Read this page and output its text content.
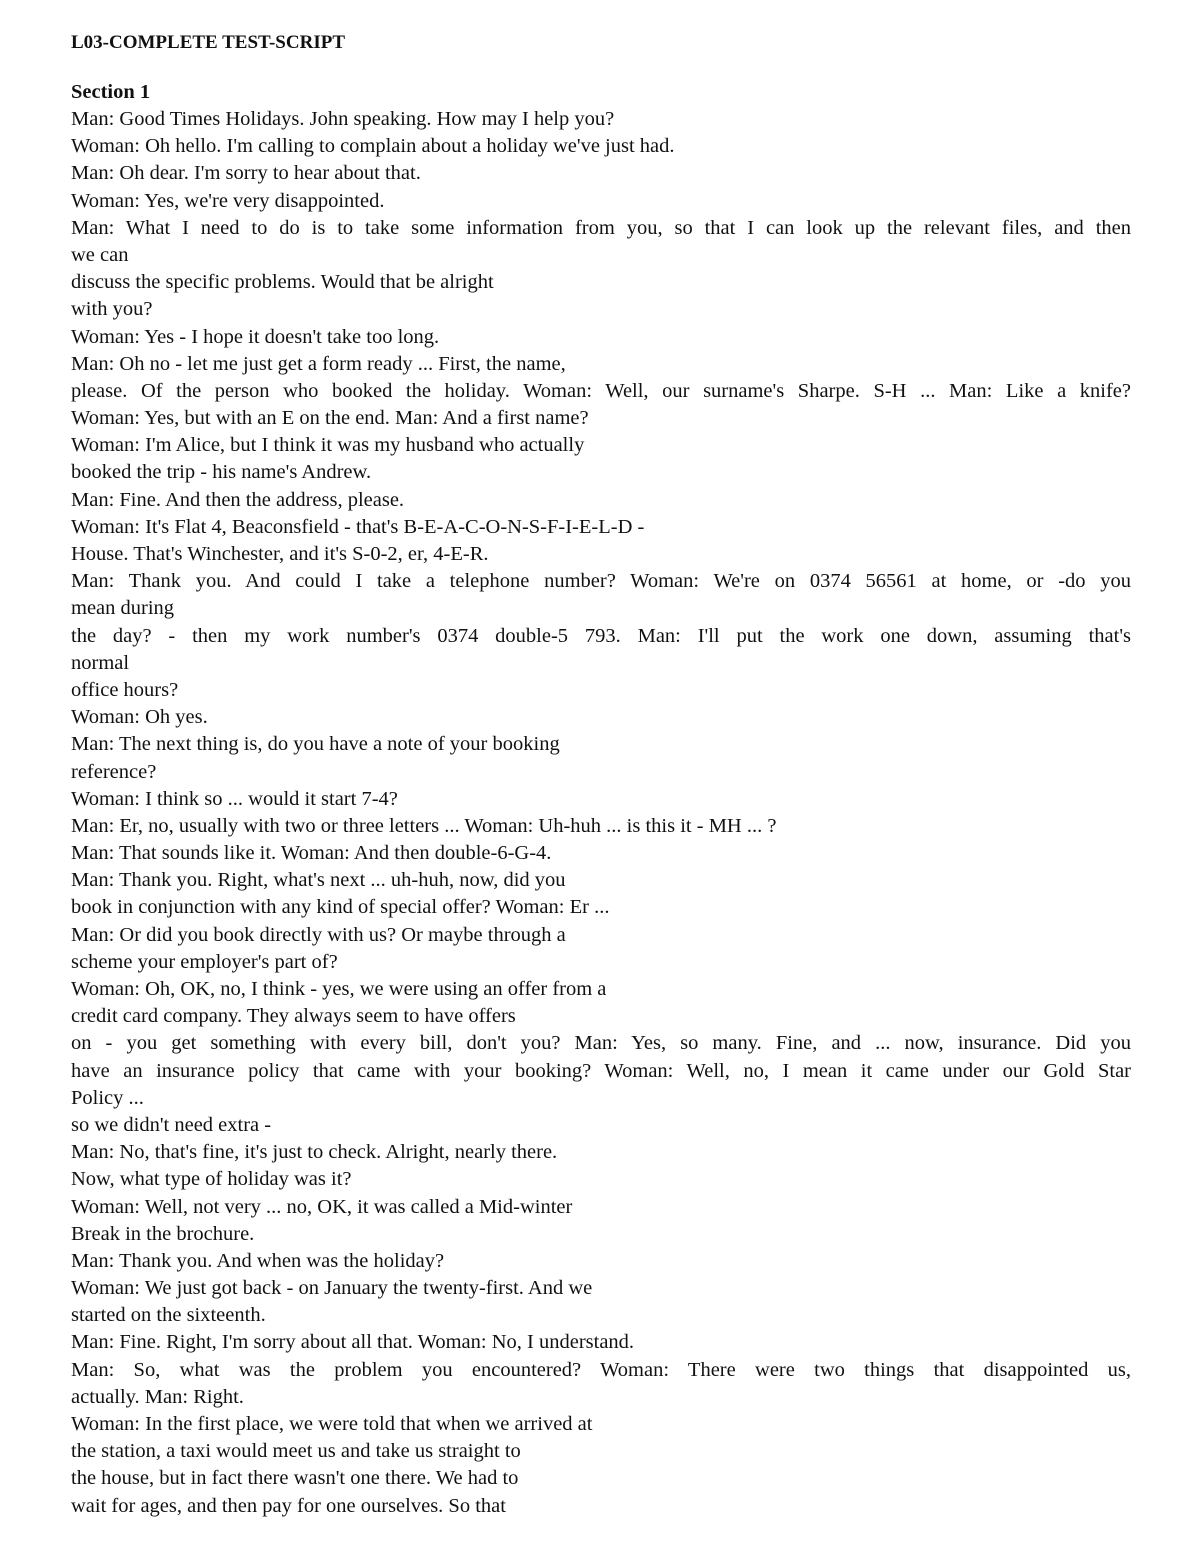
L03-COMPLETE TEST-SCRIPT
Section 1
Man: Good Times Holidays. John speaking. How may I help you?
Woman: Oh hello. I'm calling to complain about a holiday we've just had.
Man: Oh dear. I'm sorry to hear about that.
Woman: Yes, we're very disappointed.
Man: What I need to do is to take some information from you, so that I can look up the relevant files, and then
we can
discuss the specific problems. Would that be alright
with you?
Woman: Yes - I hope it doesn't take too long.
Man: Oh no - let me just get a form ready ... First, the name,
please. Of the person who booked the holiday. Woman: Well, our surname's Sharpe. S-H ... Man: Like a knife?
Woman: Yes, but with an E on the end. Man: And a first name?
Woman: I'm Alice, but I think it was my husband who actually
booked the trip - his name's Andrew.
Man: Fine. And then the address, please.
Woman: It's Flat 4, Beaconsfield - that's B-E-A-C-O-N-S-F-I-E-L-D -
House. That's Winchester, and it's S-0-2, er, 4-E-R.
Man: Thank you. And could I take a telephone number? Woman: We're on 0374 56561 at home, or -do you
mean during
the day? - then my work number's 0374 double-5 793. Man: I'll put the work one down, assuming that's
normal
office hours?
Woman: Oh yes.
Man: The next thing is, do you have a note of your booking
reference?
Woman: I think so ... would it start 7-4?
Man: Er, no, usually with two or three letters ... Woman: Uh-huh ... is this it - MH ... ?
Man: That sounds like it. Woman: And then double-6-G-4.
Man: Thank you. Right, what's next ... uh-huh, now, did you
book in conjunction with any kind of special offer? Woman: Er ...
Man: Or did you book directly with us? Or maybe through a
scheme your employer's part of?
Woman: Oh, OK, no, I think - yes, we were using an offer from a
credit card company. They always seem to have offers
on - you get something with every bill, don't you? Man: Yes, so many. Fine, and ... now, insurance. Did you
have an insurance policy that came with your booking? Woman: Well, no, I mean it came under our Gold Star
Policy ...
so we didn't need extra -
Man: No, that's fine, it's just to check. Alright, nearly there.
Now, what type of holiday was it?
Woman: Well, not very ... no, OK, it was called a Mid-winter
Break in the brochure.
Man: Thank you. And when was the holiday?
Woman: We just got back - on January the twenty-first. And we
started on the sixteenth.
Man: Fine. Right, I'm sorry about all that. Woman: No, I understand.
Man: So, what was the problem you encountered? Woman: There were two things that disappointed us,
actually. Man: Right.
Woman: In the first place, we were told that when we arrived at
the station, a taxi would meet us and take us straight to
the house, but in fact there wasn't one there. We had to
wait for ages, and then pay for one ourselves. So that
